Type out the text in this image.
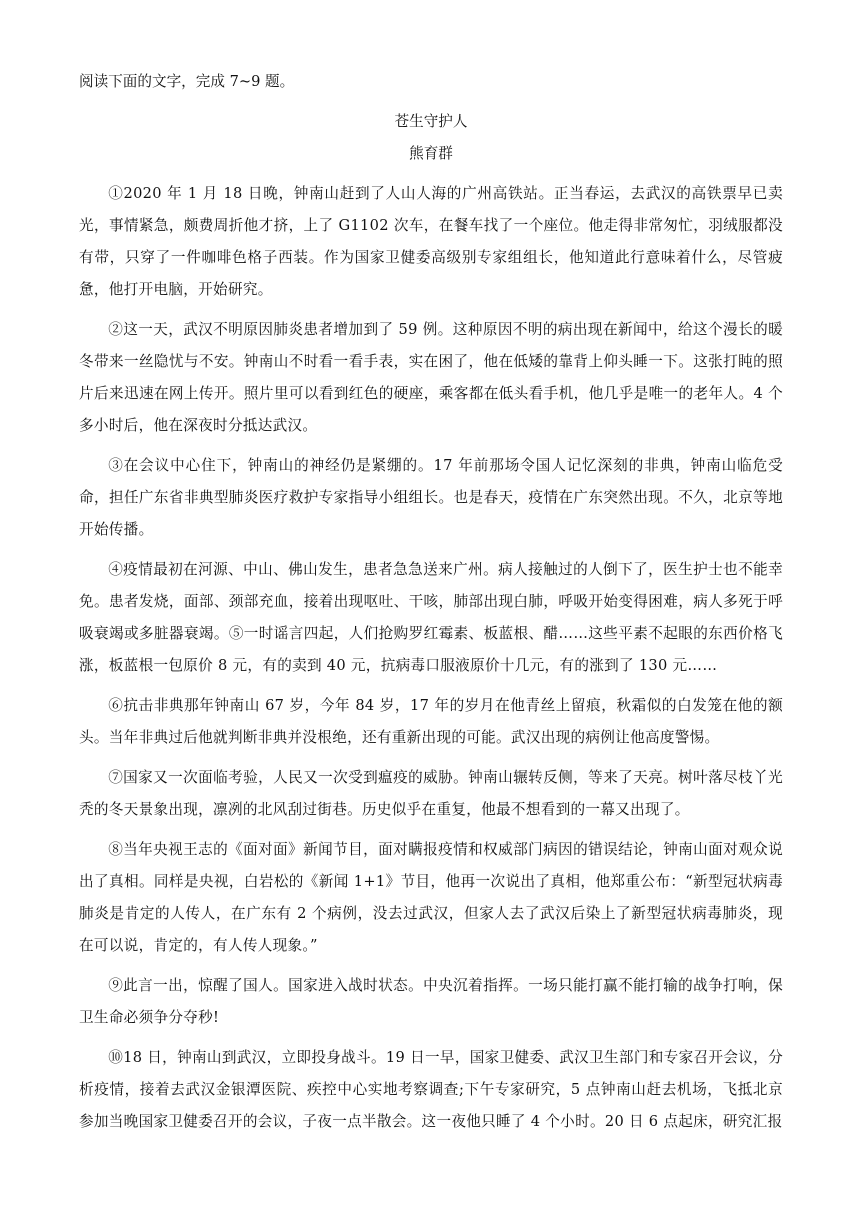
阅读下面的文字，完成 7~9 题。

苍生守护人

熊育群

①2020 年 1 月 18 日晚，钟南山赶到了人山人海的广州高铁站。正当春运，去武汉的高铁票早已卖光，事情紧急，颇费周折他才挤，上了 G1102 次车，在餐车找了一个座位。他走得非常匆忙，羽绒服都没有带，只穿了一件咖啡色格子西装。作为国家卫健委高级别专家组组长，他知道此行意味着什么，尽管疲惫，他打开电脑，开始研究。

②这一天，武汉不明原因肺炎患者增加到了 59 例。这种原因不明的病出现在新闻中，给这个漫长的暖冬带来一丝隐忧与不安。钟南山不时看一看手表，实在困了，他在低矮的靠背上仰头睡一下。这张打盹的照片后来迅速在网上传开。照片里可以看到红色的硬座，乘客都在低头看手机，他几乎是唯一的老年人。4 个多小时后，他在深夜时分抵达武汉。

③在会议中心住下，钟南山的神经仍是紧绷的。17 年前那场令国人记忆深刻的非典，钟南山临危受命，担任广东省非典型肺炎医疗救护专家指导小组组长。也是春天，疫情在广东突然出现。不久，北京等地开始传播。

④疫情最初在河源、中山、佛山发生，患者急急送来广州。病人接触过的人倒下了，医生护士也不能幸免。患者发烧，面部、颈部充血，接着出现呕吐、干咳，肺部出现白肺，呼吸开始变得困难，病人多死于呼吸衰竭或多脏器衰竭。⑤一时谣言四起，人们抢购罗红霉素、板蓝根、醋……这些平素不起眼的东西价格飞涨，板蓝根一包原价 8 元，有的卖到 40 元，抗病毒口服液原价十几元，有的涨到了 130 元……

⑥抗击非典那年钟南山 67 岁，今年 84 岁，17 年的岁月在他青丝上留痕，秋霜似的白发笼在他的额头。当年非典过后他就判断非典并没根绝，还有重新出现的可能。武汉出现的病例让他高度警惕。

⑦国家又一次面临考验，人民又一次受到瘟疫的威胁。钟南山辗转反侧，等来了天亮。树叶落尽枝丫光秃的冬天景象出现，凛冽的北风刮过街巷。历史似乎在重复，他最不想看到的一幕又出现了。

⑧当年央视王志的《面对面》新闻节目，面对瞒报疫情和权威部门病因的错误结论，钟南山面对观众说出了真相。同样是央视，白岩松的《新闻 1+1》节目，他再一次说出了真相，他郑重公布：“新型冠状病毒肺炎是肯定的人传人，在广东有 2 个病例，没去过武汉，但家人去了武汉后染上了新型冠状病毒肺炎，现在可以说，肯定的，有人传人现象。”

⑨此言一出，惊醒了国人。国家进入战时状态。中央沉着指挥。一场只能打赢不能打输的战争打响，保卫生命必须争分夺秒!

⑩18 日，钟南山到武汉，立即投身战斗。19 日一早，国家卫健委、武汉卫生部门和专家召开会议，分析疫情，接着去武汉金银潭医院、疾控中心实地考察调查;下午专家研究，5 点钟南山赶去机场，飞抵北京参加当晚国家卫健委召开的会议，子夜一点半散会。这一夜他只睡了 4 个小时。20 日 6 点起床，研究汇报
